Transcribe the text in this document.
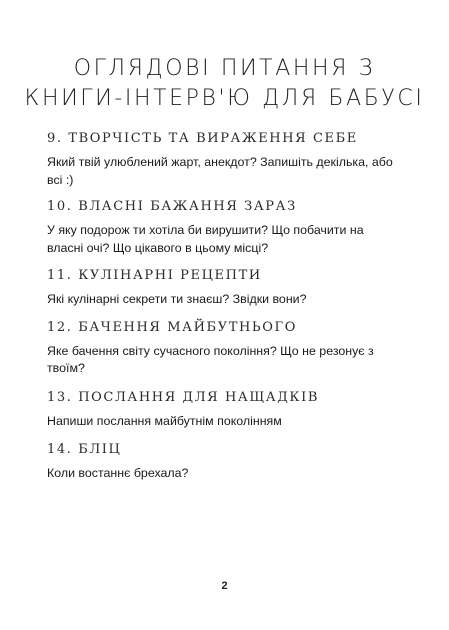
ОГЛЯДОВІ ПИТАННЯ З
КНИГИ-ІНТЕРВ'Ю ДЛЯ БАБУСІ
9. ТВОРЧІСТЬ ТА ВИРАЖЕННЯ СЕБЕ
Який твій улюблений жарт, анекдот? Запишіть декілька, або
всі :)
10. ВЛАСНІ БАЖАННЯ ЗАРАЗ
У яку подорож ти хотіла би вирушити? Що побачити на
власні очі? Що цікавого в цьому місці?
11. КУЛІНАРНІ РЕЦЕПТИ
Які кулінарні секрети ти знаєш? Звідки вони?
12. БАЧЕННЯ МАЙБУТНЬОГО
Яке бачення світу сучасного покоління? Що не резонує з
твоїм?
13. ПОСЛАННЯ ДЛЯ НАЩАДКІВ
Напиши послання майбутнім поколінням
14. БЛІЦ
Коли востаннє брехала?
2
